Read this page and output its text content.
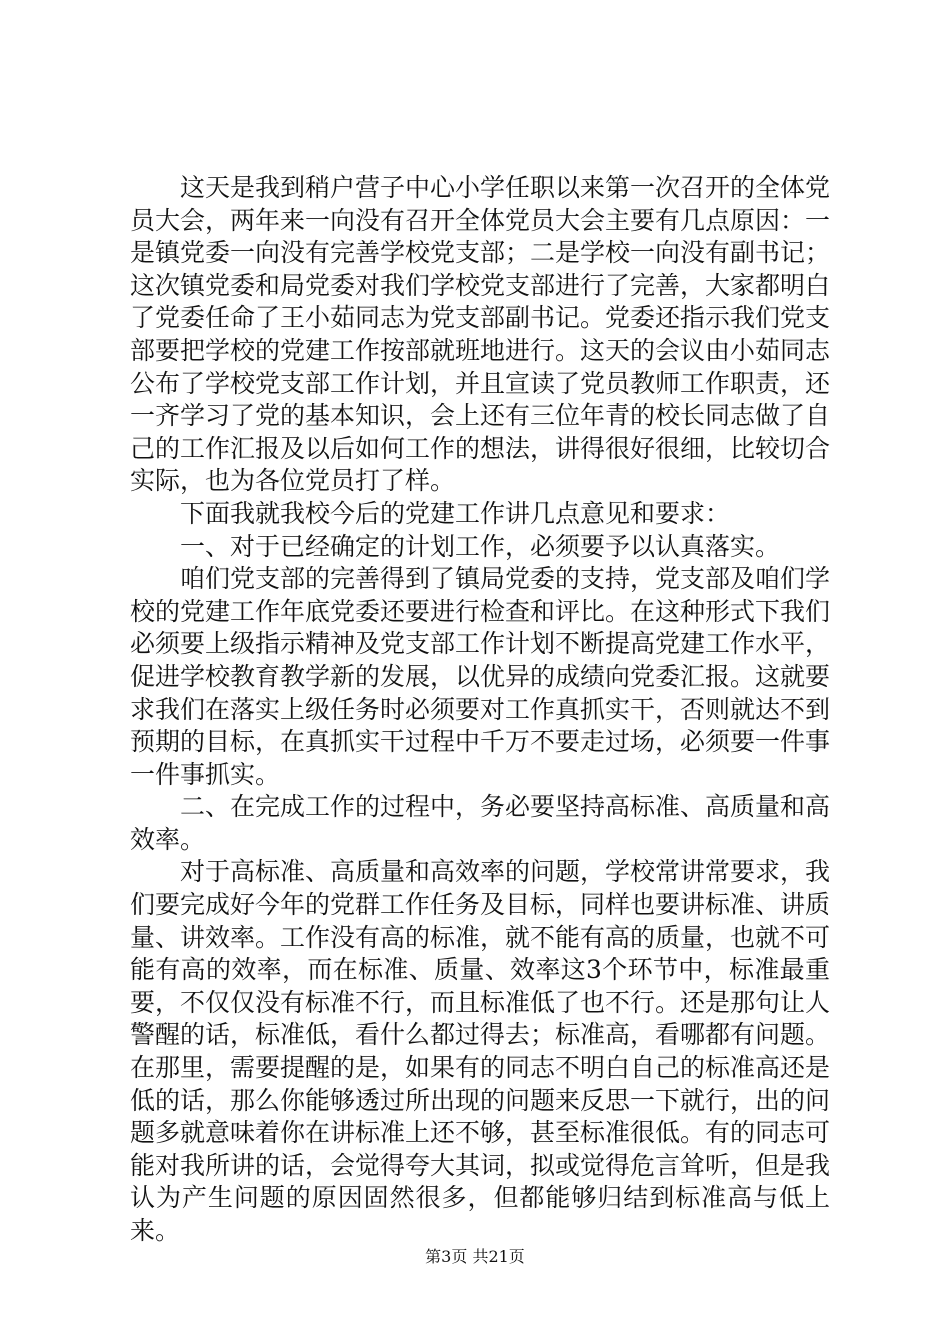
这天是我到稍户营子中心小学任职以来第一次召开的全体党员大会，两年来一向没有召开全体党员大会主要有几点原因：一是镇党委一向没有完善学校党支部；二是学校一向没有副书记；这次镇党委和局党委对我们学校党支部进行了完善，大家都明白了党委任命了王小茹同志为党支部副书记。党委还指示我们党支部要把学校的党建工作按部就班地进行。这天的会议由小茹同志公布了学校党支部工作计划，并且宣读了党员教师工作职责，还一齐学习了党的基本知识，会上还有三位年青的校长同志做了自己的工作汇报及以后如何工作的想法，讲得很好很细，比较切合实际，也为各位党员打了样。

下面我就我校今后的党建工作讲几点意见和要求：

一、对于已经确定的计划工作，必须要予以认真落实。

咱们党支部的完善得到了镇局党委的支持，党支部及咱们学校的党建工作年底党委还要进行检查和评比。在这种形式下我们必须要上级指示精神及党支部工作计划不断提高党建工作水平，促进学校教育教学新的发展，以优异的成绩向党委汇报。这就要求我们在落实上级任务时必须要对工作真抓实干，否则就达不到预期的目标，在真抓实干过程中千万不要走过场，必须要一件事一件事抓实。

二、在完成工作的过程中，务必要坚持高标准、高质量和高效率。

对于高标准、高质量和高效率的问题，学校常讲常要求，我们要完成好今年的党群工作任务及目标，同样也要讲标准、讲质量、讲效率。工作没有高的标准，就不能有高的质量，也就不可能有高的效率，而在标准、质量、效率这3个环节中，标准最重要，不仅仅没有标准不行，而且标准低了也不行。还是那句让人警醒的话，标准低，看什么都过得去；标准高，看哪都有问题。在那里，需要提醒的是，如果有的同志不明白自己的标准高还是低的话，那么你能够透过所出现的问题来反思一下就行，出的问题多就意味着你在讲标准上还不够，甚至标准很低。有的同志可能对我所讲的话，会觉得夸大其词，拟或觉得危言耸听，但是我认为产生问题的原因固然很多，但都能够归结到标准高与低上来。

第3页 共21页
